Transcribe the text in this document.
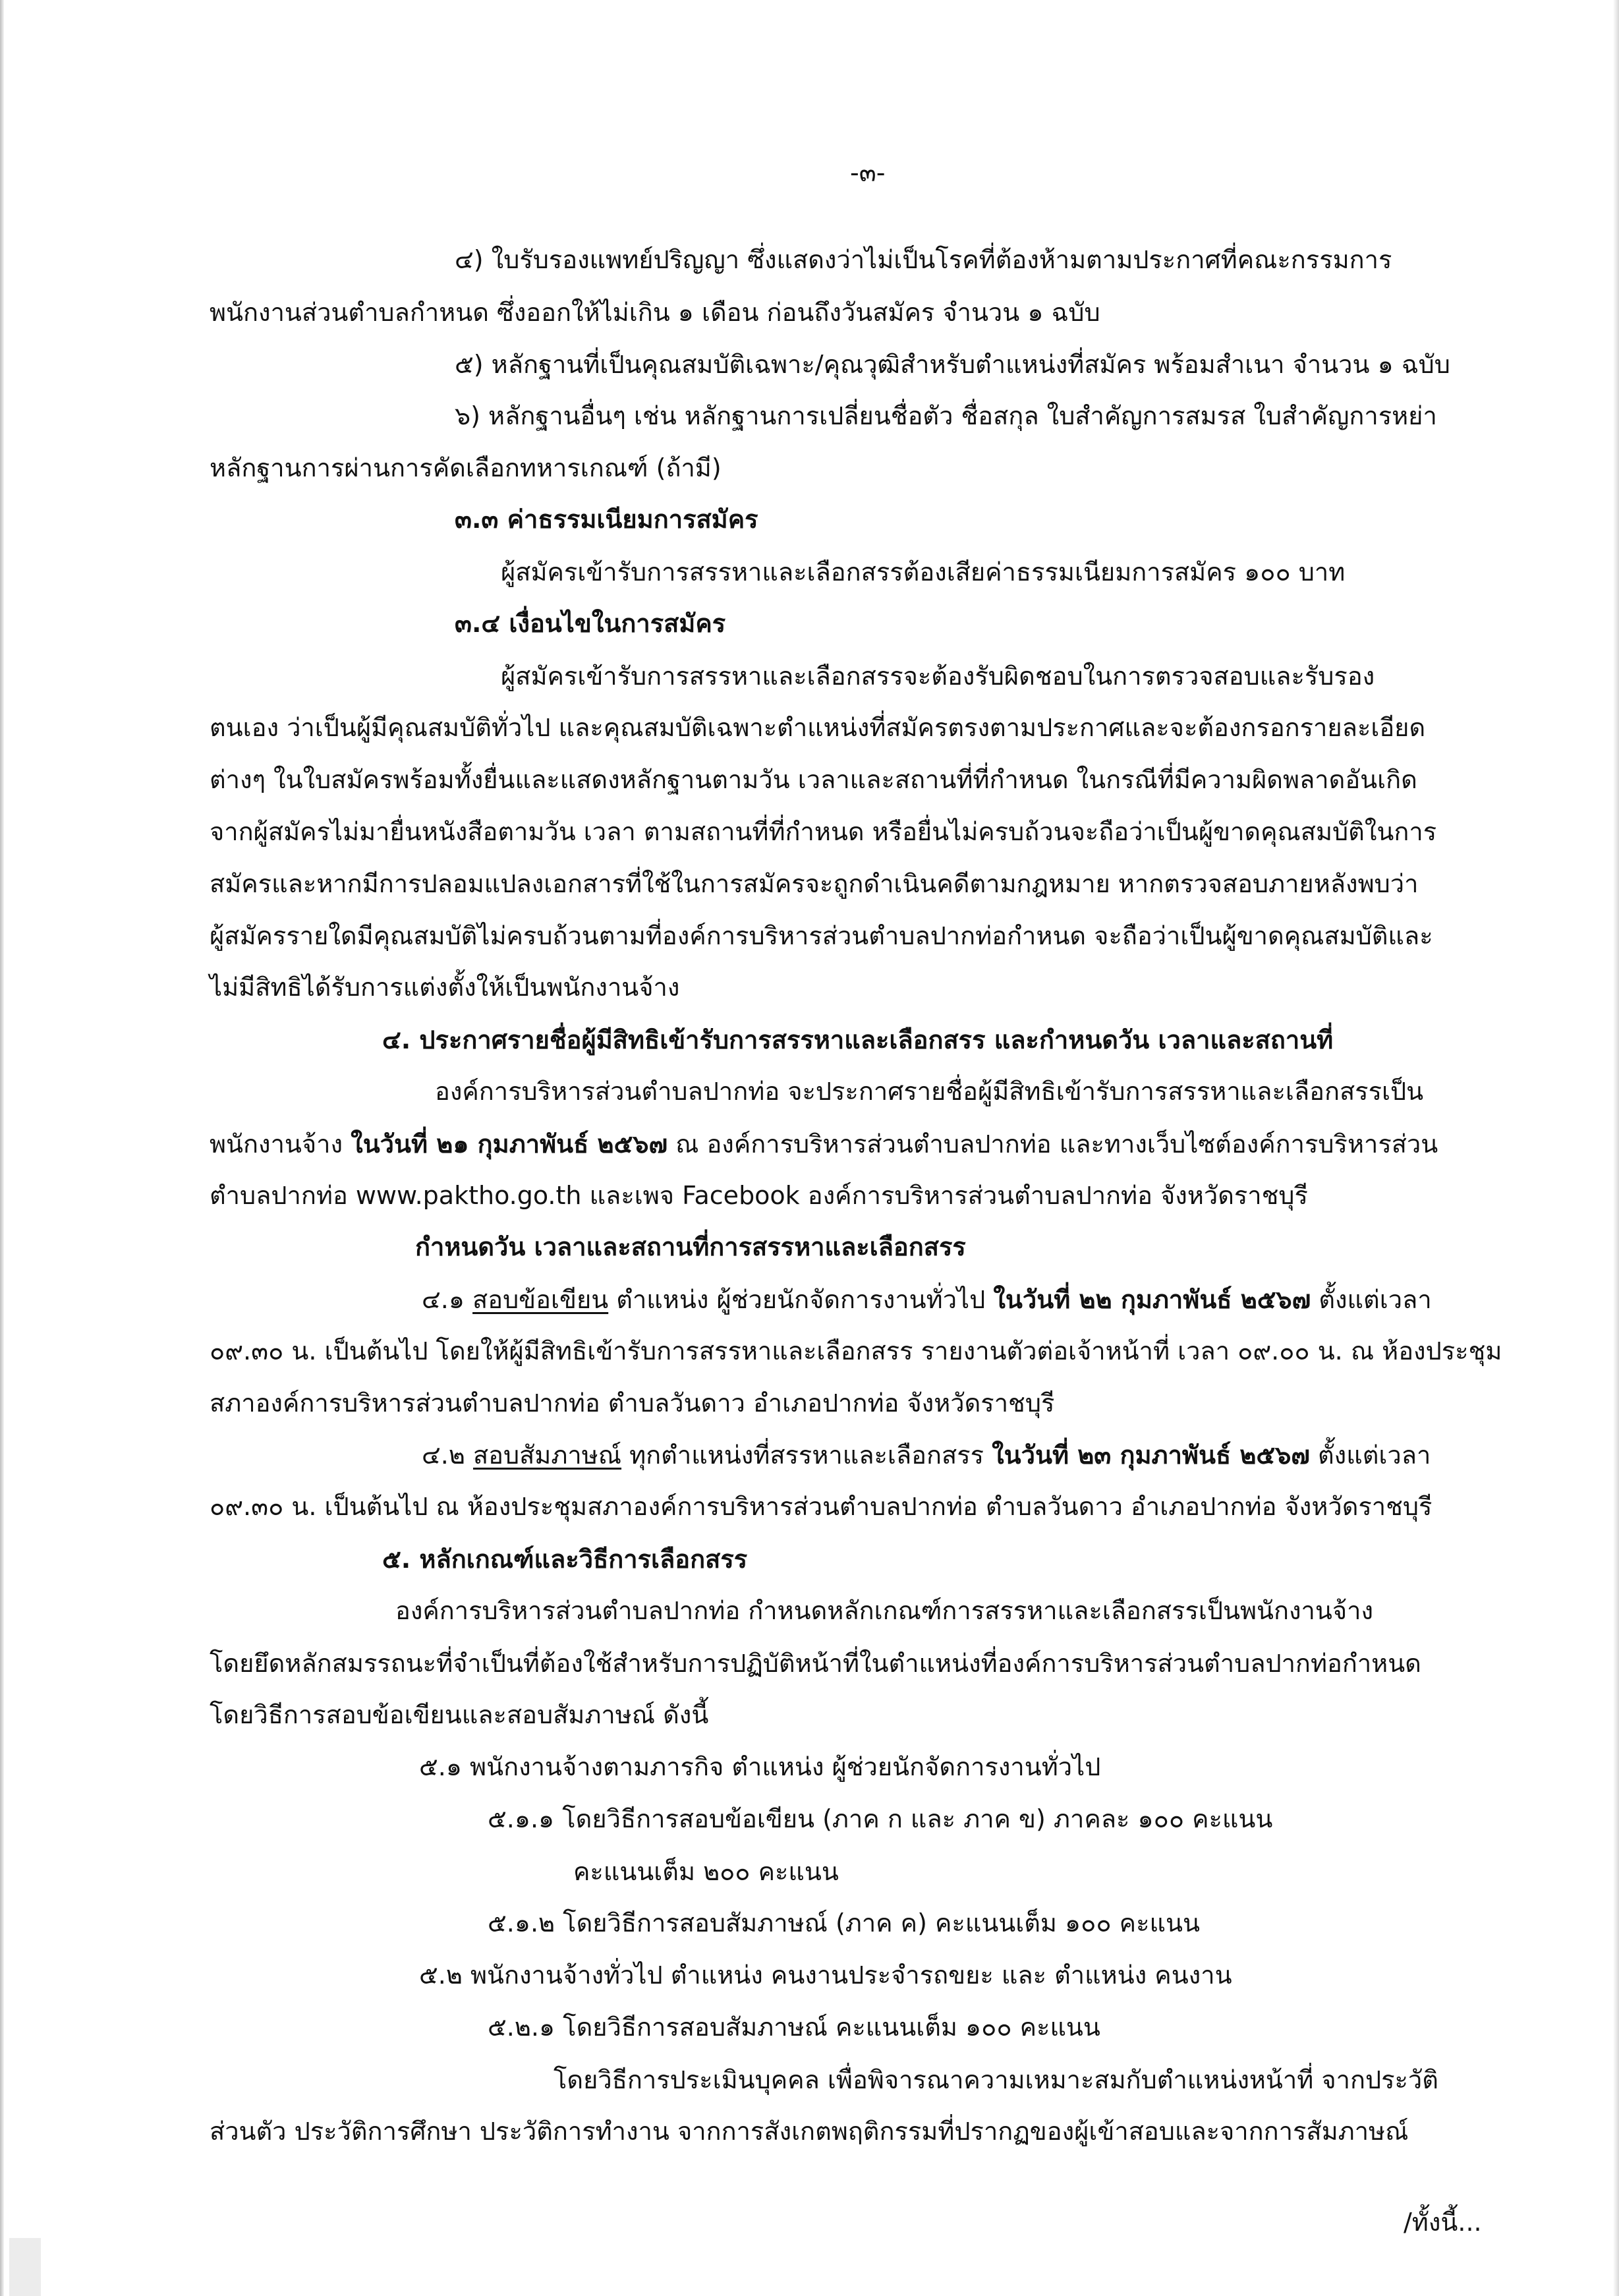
-๓-
๔) ใบรับรองแพทย์ปริญญา ซึ่งแสดงว่าไม่เป็นโรคที่ต้องห้ามตามประกาศที่คณะกรรมการ
พนักงานส่วนตำบลกำหนด ซึ่งออกให้ไม่เกิน ๑ เดือน ก่อนถึงวันสมัคร จำนวน ๑ ฉบับ
๕) หลักฐานที่เป็นคุณสมบัติเฉพาะ/คุณวุฒิสำหรับตำแหน่งที่สมัคร พร้อมสำเนา จำนวน ๑ ฉบับ
๖) หลักฐานอื่นๆ เช่น หลักฐานการเปลี่ยนชื่อตัว ชื่อสกุล ใบสำคัญการสมรส ใบสำคัญการหย่า
หลักฐานการผ่านการคัดเลือกทหารเกณฑ์ (ถ้ามี)
๓.๓ ค่าธรรมเนียมการสมัคร
ผู้สมัครเข้ารับการสรรหาและเลือกสรรต้องเสียค่าธรรมเนียมการสมัคร ๑๐๐ บาท
๓.๔ เงื่อนไขในการสมัคร
ผู้สมัครเข้ารับการสรรหาและเลือกสรรจะต้องรับผิดชอบในการตรวจสอบและรับรอง
ตนเอง ว่าเป็นผู้มีคุณสมบัติทั่วไป และคุณสมบัติเฉพาะตำแหน่งที่สมัครตรงตามประกาศและจะต้องกรอกรายละเอียด
ต่างๆ ในใบสมัครพร้อมทั้งยื่นและแสดงหลักฐานตามวัน เวลาและสถานที่ที่กำหนด ในกรณีที่มีความผิดพลาดอันเกิด
จากผู้สมัครไม่มายื่นหนังสือตามวัน เวลา ตามสถานที่ที่กำหนด หรือยื่นไม่ครบถ้วนจะถือว่าเป็นผู้ขาดคุณสมบัติในการ
สมัครและหากมีการปลอมแปลงเอกสารที่ใช้ในการสมัครจะถูกดำเนินคดีตามกฎหมาย หากตรวจสอบภายหลังพบว่า
ผู้สมัครรายใดมีคุณสมบัติไม่ครบถ้วนตามที่องค์การบริหารส่วนตำบลปากท่อกำหนด จะถือว่าเป็นผู้ขาดคุณสมบัติและ
ไม่มีสิทธิได้รับการแต่งตั้งให้เป็นพนักงานจ้าง
๔. ประกาศรายชื่อผู้มีสิทธิเข้ารับการสรรหาและเลือกสรร และกำหนดวัน เวลาและสถานที่
องค์การบริหารส่วนตำบลปากท่อ จะประกาศรายชื่อผู้มีสิทธิเข้ารับการสรรหาและเลือกสรรเป็น
พนักงานจ้าง ในวันที่ ๒๑ กุมภาพันธ์ ๒๕๖๗ ณ องค์การบริหารส่วนตำบลปากท่อ และทางเว็บไซต์องค์การบริหารส่วน
ตำบลปากท่อ www.paktho.go.th และเพจ Facebook องค์การบริหารส่วนตำบลปากท่อ จังหวัดราชบุรี
กำหนดวัน เวลาและสถานที่การสรรหาและเลือกสรร
๔.๑ สอบข้อเขียน ตำแหน่ง ผู้ช่วยนักจัดการงานทั่วไป ในวันที่ ๒๒ กุมภาพันธ์ ๒๕๖๗ ตั้งแต่เวลา
๐๙.๓๐ น. เป็นต้นไป โดยให้ผู้มีสิทธิเข้ารับการสรรหาและเลือกสรร รายงานตัวต่อเจ้าหน้าที่ เวลา ๐๙.๐๐ น. ณ ห้องประชุม
สภาองค์การบริหารส่วนตำบลปากท่อ ตำบลวันดาว อำเภอปากท่อ จังหวัดราชบุรี
๔.๒ สอบสัมภาษณ์ ทุกตำแหน่งที่สรรหาและเลือกสรร ในวันที่ ๒๓ กุมภาพันธ์ ๒๕๖๗ ตั้งแต่เวลา
๐๙.๓๐ น. เป็นต้นไป ณ ห้องประชุมสภาองค์การบริหารส่วนตำบลปากท่อ ตำบลวันดาว อำเภอปากท่อ จังหวัดราชบุรี
๕. หลักเกณฑ์และวิธีการเลือกสรร
องค์การบริหารส่วนตำบลปากท่อ กำหนดหลักเกณฑ์การสรรหาและเลือกสรรเป็นพนักงานจ้าง
โดยยึดหลักสมรรถนะที่จำเป็นที่ต้องใช้สำหรับการปฏิบัติหน้าที่ในตำแหน่งที่องค์การบริหารส่วนตำบลปากท่อกำหนด
โดยวิธีการสอบข้อเขียนและสอบสัมภาษณ์ ดังนี้
๕.๑ พนักงานจ้างตามภารกิจ ตำแหน่ง ผู้ช่วยนักจัดการงานทั่วไป
๕.๑.๑ โดยวิธีการสอบข้อเขียน (ภาค ก และ ภาค ข) ภาคละ ๑๐๐ คะแนน
คะแนนเต็ม ๒๐๐ คะแนน
๕.๑.๒ โดยวิธีการสอบสัมภาษณ์ (ภาค ค) คะแนนเต็ม ๑๐๐ คะแนน
๕.๒ พนักงานจ้างทั่วไป ตำแหน่ง คนงานประจำรถขยะ และ ตำแหน่ง คนงาน
๕.๒.๑ โดยวิธีการสอบสัมภาษณ์ คะแนนเต็ม ๑๐๐ คะแนน
โดยวิธีการประเมินบุคคล เพื่อพิจารณาความเหมาะสมกับตำแหน่งหน้าที่ จากประวัติ
ส่วนตัว ประวัติการศึกษา ประวัติการทำงาน จากการสังเกตพฤติกรรมที่ปรากฏของผู้เข้าสอบและจากการสัมภาษณ์
/ทั้งนี้...
